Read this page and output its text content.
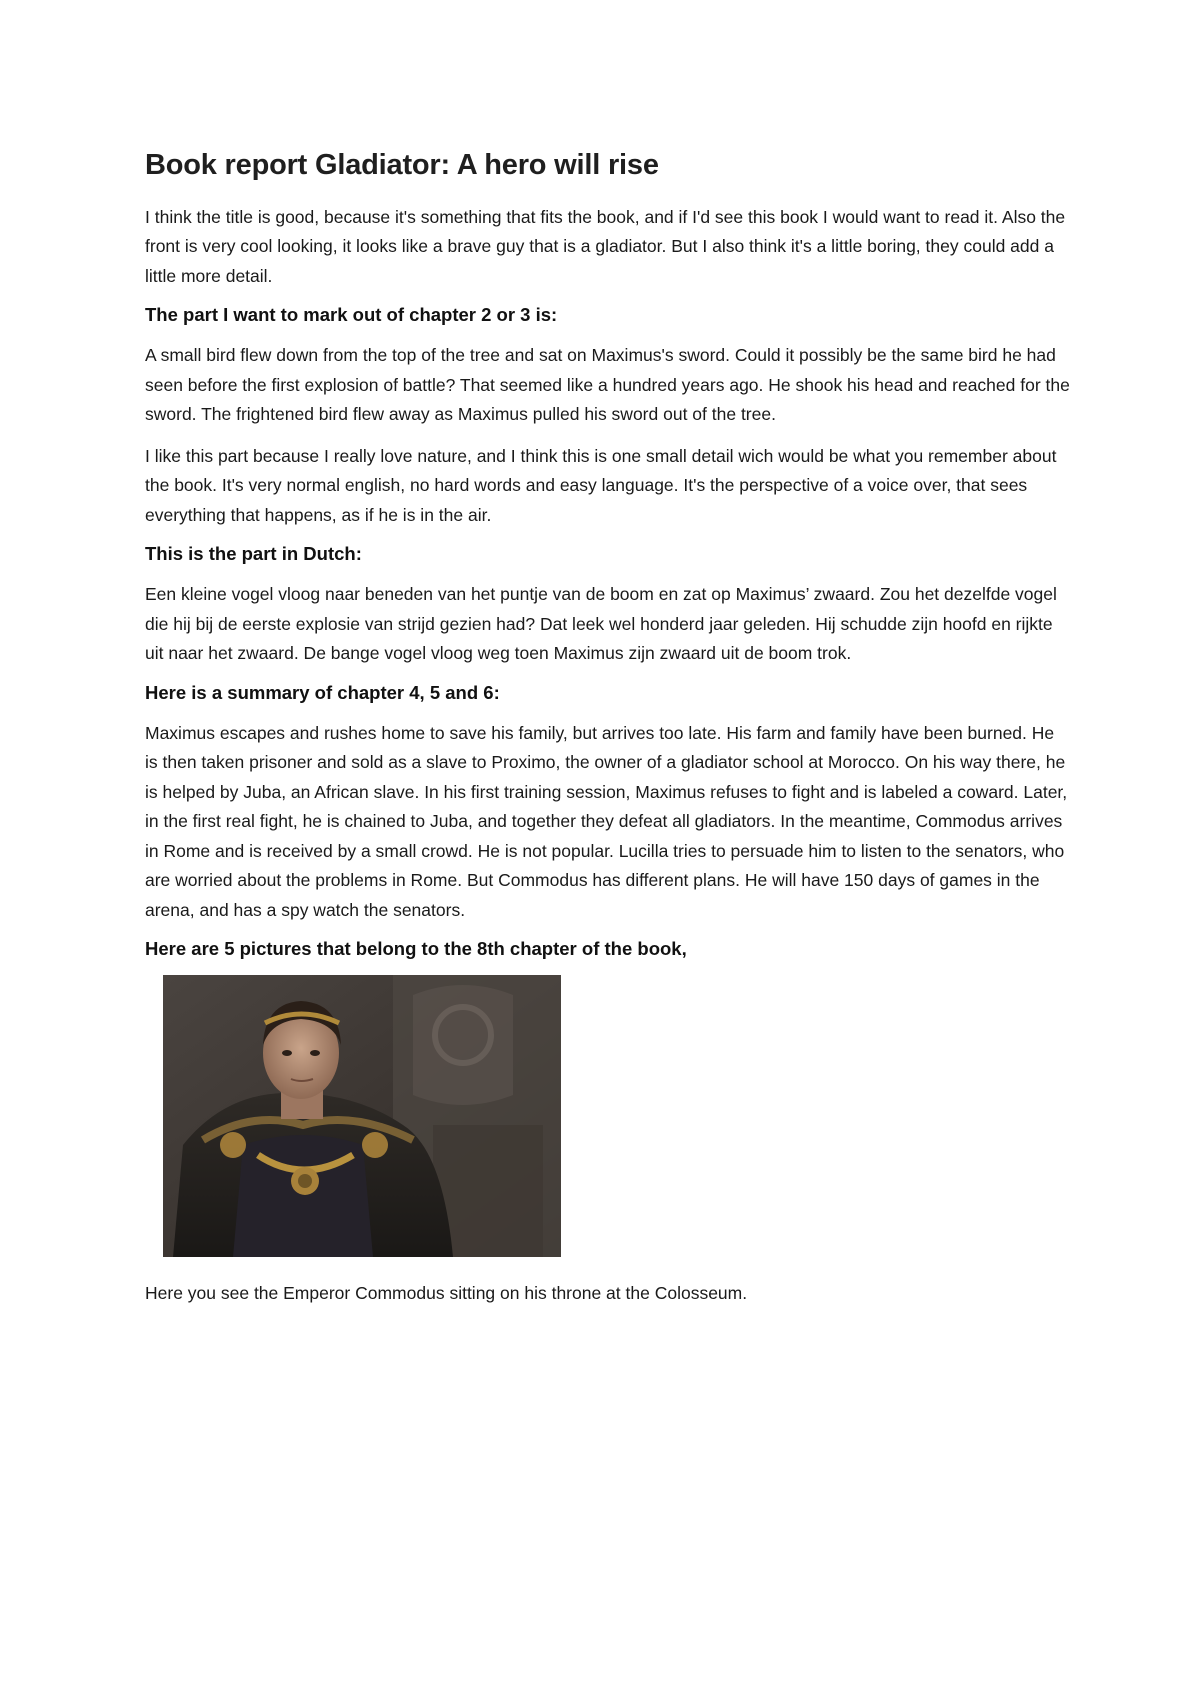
Book report Gladiator: A hero will rise

I think the title is good, because it's something that fits the book, and if I'd see this book I would want to read it. Also the front is very cool looking, it looks like a brave guy that is a gladiator. But I also think it's a little boring, they could add a little more detail.

The part I want to mark out of chapter 2 or 3 is:

A small bird flew down from the top of the tree and sat on Maximus's sword. Could it possibly be the same bird he had seen before the first explosion of battle? That seemed like a hundred years ago. He shook his head and reached for the sword. The frightened bird flew away as Maximus pulled his sword out of the tree.

I like this part because I really love nature, and I think this is one small detail wich would be what you remember about the book. It's very normal english, no hard words and easy language. It's the perspective of a voice over, that sees everything that happens, as if he is in the air.

This is the part in Dutch:

Een kleine vogel vloog naar beneden van het puntje van de boom en zat op Maximus’ zwaard. Zou het dezelfde vogel die hij bij de eerste explosie van strijd gezien had? Dat leek wel honderd jaar geleden. Hij schudde zijn hoofd en rijkte uit naar het zwaard. De bange vogel vloog weg toen Maximus zijn zwaard uit de boom trok.

Here is a summary of chapter 4, 5 and 6:

Maximus escapes and rushes home to save his family, but arrives too late. His farm and family have been burned. He is then taken prisoner and sold as a slave to Proximo, the owner of a gladiator school at Morocco. On his way there, he is helped by Juba, an African slave. In his first training session, Maximus refuses to fight and is labeled a coward. Later, in the first real fight, he is chained to Juba, and together they defeat all gladiators. In the meantime, Commodus arrives in Rome and is received by a small crowd. He is not popular. Lucilla tries to persuade him to listen to the senators, who are worried about the problems in Rome. But Commodus has different plans. He will have 150 days of games in the arena, and has a spy watch the senators.

Here are 5 pictures that belong to the 8th chapter of the book,

Here you see the Emperor Commodus sitting on his throne at the Colosseum.
